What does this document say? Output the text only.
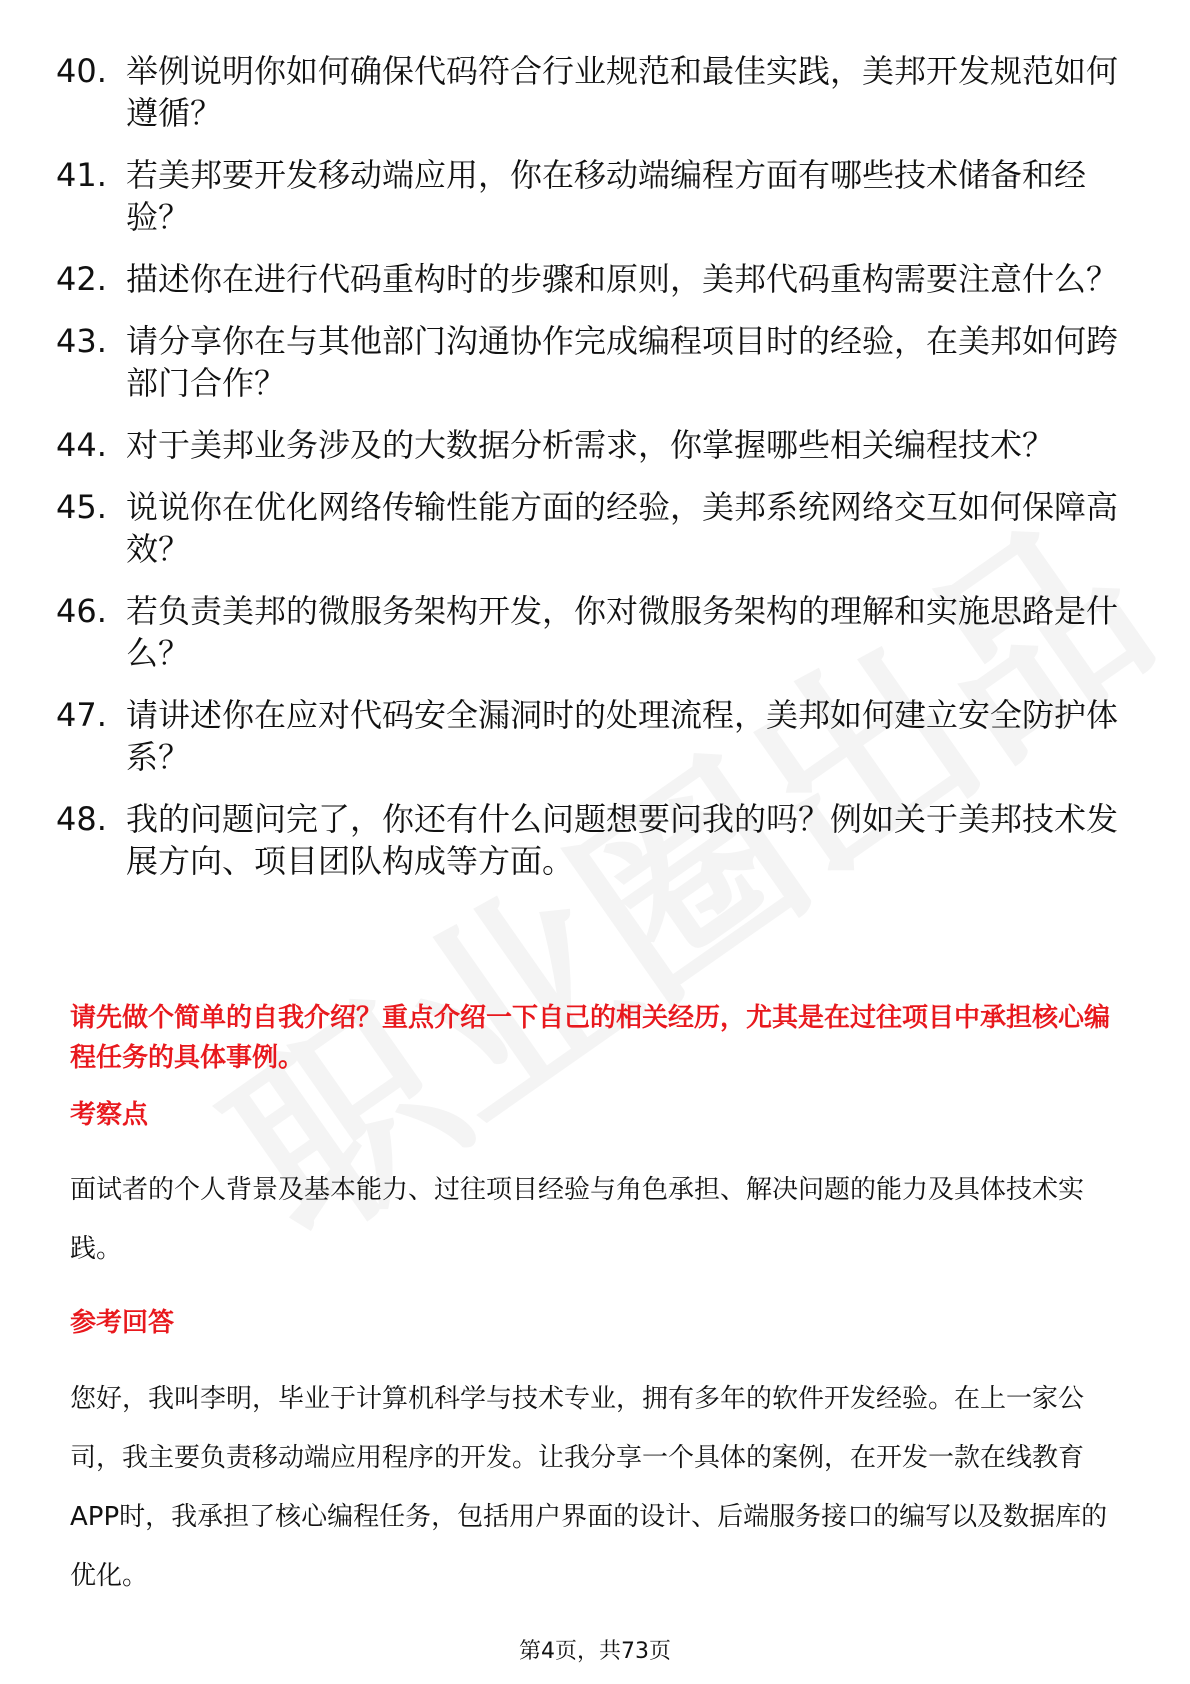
40. 举例说明你如何确保代码符合行业规范和最佳实践，美邦开发规范如何遵循？
41. 若美邦要开发移动端应用，你在移动端编程方面有哪些技术储备和经验？
42. 描述你在进行代码重构时的步骤和原则，美邦代码重构需要注意什么？
43. 请分享你在与其他部门沟通协作完成编程项目时的经验，在美邦如何跨部门合作？
44. 对于美邦业务涉及的大数据分析需求，你掌握哪些相关编程技术？
45. 说说你在优化网络传输性能方面的经验，美邦系统网络交互如何保障高效？
46. 若负责美邦的微服务架构开发，你对微服务架构的理解和实施思路是什么？
47. 请讲述你在应对代码安全漏洞时的处理流程，美邦如何建立安全防护体系？
48. 我的问题问完了，你还有什么问题想要问我的吗？例如关于美邦技术发展方向、项目团队构成等方面。

请先做个简单的自我介绍？重点介绍一下自己的相关经历，尤其是在过往项目中承担核心编程任务的具体事例。

考察点

面试者的个人背景及基本能力、过往项目经验与角色承担、解决问题的能力及具体技术实践。

参考回答

您好，我叫李明，毕业于计算机科学与技术专业，拥有多年的软件开发经验。在上一家公司，我主要负责移动端应用程序的开发。让我分享一个具体的案例，在开发一款在线教育APP时，我承担了核心编程任务，包括用户界面的设计、后端服务接口的编写以及数据库的优化。

第4页，共73页
